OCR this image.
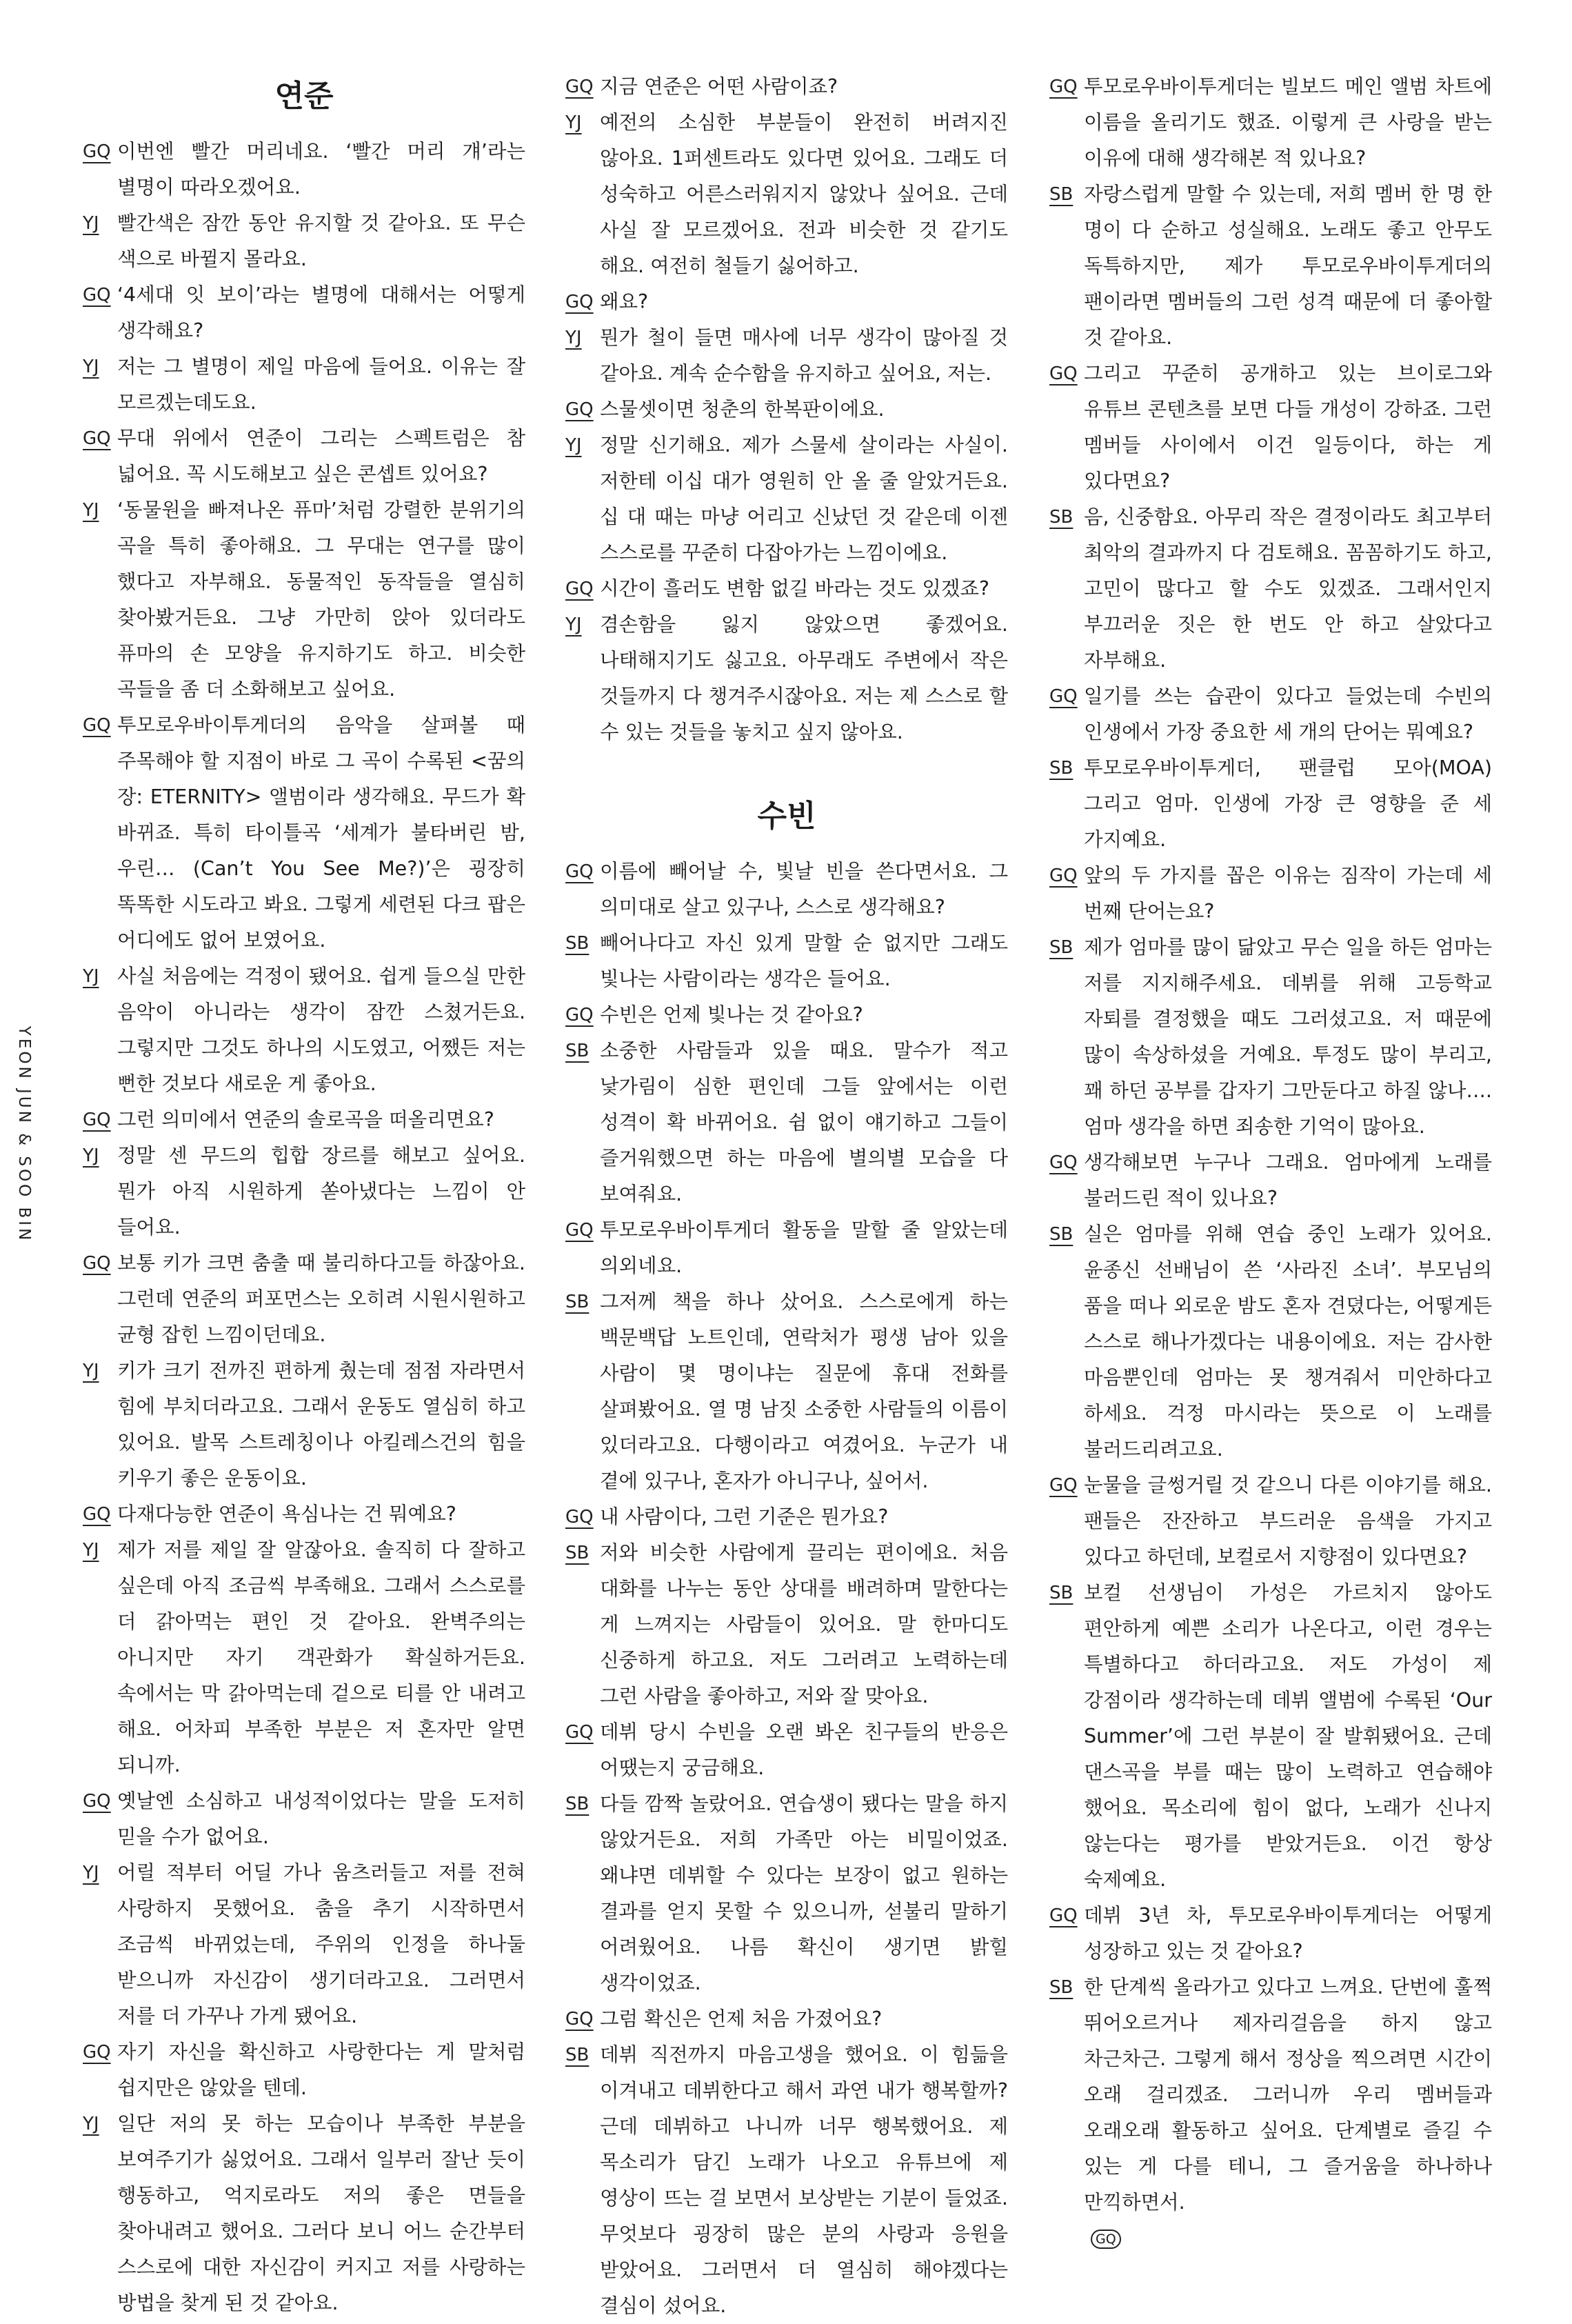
YEON JUN & SOO BIN
연준
GQ 이번엔 빨간 머리네요. ‘빨간 머리 걔’라는 별명이 따라오겠어요.
YJ 빨간색은 잠깐 동안 유지할 것 같아요. 또 무슨 색으로 바뀔지 몰라요.
GQ ‘4세대 잇 보이’라는 별명에 대해서는 어떻게 생각해요?
YJ 저는 그 별명이 제일 마음에 들어요. 이유는 잘 모르겠는데도요.
GQ 무대 위에서 연준이 그리는 스펙트럼은 참 넓어요. 꼭 시도해보고 싶은 콘셉트 있어요?
YJ ‘동물원을 빠져나온 퓨마’처럼 강렬한 분위기의 곡을 특히 좋아해요. 그 무대는 연구를 많이 했다고 자부해요. 동물적인 동작들을 열심히 찾아봤거든요. 그냥 가만히 앉아 있더라도 퓨마의 손 모양을 유지하기도 하고. 비슷한 곡들을 좀 더 소화해보고 싶어요.
GQ 투모로우바이투게더의 음악을 살펴볼 때 주목해야 할 지점이 바로 그 곡이 수록된 <꿈의 장: ETERNITY> 앨범이라 생각해요. 무드가 확 바뀌죠. 특히 타이틀곡 ‘세계가 불타버린 밤, 우린… (Can’t You See Me?)’은 굉장히 똑똑한 시도라고 봐요. 그렇게 세련된 다크 팝은 어디에도 없어 보였어요.
YJ 사실 처음에는 걱정이 됐어요. 쉽게 들으실 만한 음악이 아니라는 생각이 잠깐 스쳤거든요. 그렇지만 그것도 하나의 시도였고, 어쨌든 저는 뻔한 것보다 새로운 게 좋아요.
GQ 그런 의미에서 연준의 솔로곡을 떠올리면요?
YJ 정말 센 무드의 힙합 장르를 해보고 싶어요. 뭔가 아직 시원하게 쏟아냈다는 느낌이 안 들어요.
GQ 보통 키가 크면 춤출 때 불리하다고들 하잖아요. 그런데 연준의 퍼포먼스는 오히려 시원시원하고 균형 잡힌 느낌이던데요.
YJ 키가 크기 전까진 편하게 췄는데 점점 자라면서 힘에 부치더라고요. 그래서 운동도 열심히 하고 있어요. 발목 스트레칭이나 아킬레스건의 힘을 키우기 좋은 운동이요.
GQ 다재다능한 연준이 욕심나는 건 뭐예요?
YJ 제가 저를 제일 잘 알잖아요. 솔직히 다 잘하고 싶은데 아직 조금씩 부족해요. 그래서 스스로를 더 갉아먹는 편인 것 같아요. 완벽주의는 아니지만 자기 객관화가 확실하거든요. 속에서는 막 갉아먹는데 겉으로 티를 안 내려고 해요. 어차피 부족한 부분은 저 혼자만 알면 되니까.
GQ 옛날엔 소심하고 내성적이었다는 말을 도저히 믿을 수가 없어요.
YJ 어릴 적부터 어딜 가나 움츠러들고 저를 전혀 사랑하지 못했어요. 춤을 추기 시작하면서 조금씩 바뀌었는데, 주위의 인정을 하나둘 받으니까 자신감이 생기더라고요. 그러면서 저를 더 가꾸나 가게 됐어요.
GQ 자기 자신을 확신하고 사랑한다는 게 말처럼 쉽지만은 않았을 텐데.
YJ 일단 저의 못 하는 모습이나 부족한 부분을 보여주기가 싫었어요. 그래서 일부러 잘난 듯이 행동하고, 억지로라도 저의 좋은 면들을 찾아내려고 했어요. 그러다 보니 어느 순간부터 스스로에 대한 자신감이 커지고 저를 사랑하는 방법을 찾게 된 것 같아요.
GQ 지금 연준은 어떤 사람이죠?
YJ 예전의 소심한 부분들이 완전히 버려지진 않아요. 1퍼센트라도 있다면 있어요. 그래도 더 성숙하고 어른스러워지지 않았나 싶어요. 근데 사실 잘 모르겠어요. 전과 비슷한 것 같기도 해요. 여전히 철들기 싫어하고.
GQ 왜요?
YJ 뭔가 철이 들면 매사에 너무 생각이 많아질 것 같아요. 계속 순수함을 유지하고 싶어요, 저는.
GQ 스물셋이면 청춘의 한복판이에요.
YJ 정말 신기해요. 제가 스물세 살이라는 사실이. 저한테 이십 대가 영원히 안 올 줄 알았거든요. 십 대 때는 마냥 어리고 신났던 것 같은데 이젠 스스로를 꾸준히 다잡아가는 느낌이에요.
GQ 시간이 흘러도 변함 없길 바라는 것도 있겠죠?
YJ 겸손함을 잃지 않았으면 좋겠어요. 나태해지기도 싫고요. 아무래도 주변에서 작은 것들까지 다 챙겨주시잖아요. 저는 제 스스로 할 수 있는 것들을 놓치고 싶지 않아요.
수빈
GQ 이름에 빼어날 수, 빛날 빈을 쓴다면서요. 그 의미대로 살고 있구나, 스스로 생각해요?
SB 빼어나다고 자신 있게 말할 순 없지만 그래도 빛나는 사람이라는 생각은 들어요.
GQ 수빈은 언제 빛나는 것 같아요?
SB 소중한 사람들과 있을 때요. 말수가 적고 낯가림이 심한 편인데 그들 앞에서는 이런 성격이 확 바뀌어요. 쉼 없이 얘기하고 그들이 즐거워했으면 하는 마음에 별의별 모습을 다 보여줘요.
GQ 투모로우바이투게더 활동을 말할 줄 알았는데 의외네요.
SB 그저께 책을 하나 샀어요. 스스로에게 하는 백문백답 노트인데, 연락처가 평생 남아 있을 사람이 몇 명이냐는 질문에 휴대 전화를 살펴봤어요. 열 명 남짓 소중한 사람들의 이름이 있더라고요. 다행이라고 여겼어요. 누군가 내 곁에 있구나, 혼자가 아니구나, 싶어서.
GQ 내 사람이다, 그런 기준은 뭔가요?
SB 저와 비슷한 사람에게 끌리는 편이에요. 처음 대화를 나누는 동안 상대를 배려하며 말한다는 게 느껴지는 사람들이 있어요. 말 한마디도 신중하게 하고요. 저도 그러려고 노력하는데 그런 사람을 좋아하고, 저와 잘 맞아요.
GQ 데뷔 당시 수빈을 오랜 봐온 친구들의 반응은 어땠는지 궁금해요.
SB 다들 깜짝 놀랐어요. 연습생이 됐다는 말을 하지 않았거든요. 저희 가족만 아는 비밀이었죠. 왜냐면 데뷔할 수 있다는 보장이 없고 원하는 결과를 얻지 못할 수 있으니까, 섣불리 말하기 어려웠어요. 나름 확신이 생기면 밝힐 생각이었죠.
GQ 그럼 확신은 언제 처음 가졌어요?
SB 데뷔 직전까지 마음고생을 했어요. 이 힘듦을 이겨내고 데뷔한다고 해서 과연 내가 행복할까? 근데 데뷔하고 나니까 너무 행복했어요. 제 목소리가 담긴 노래가 나오고 유튜브에 제 영상이 뜨는 걸 보면서 보상받는 기분이 들었죠. 무엇보다 굉장히 많은 분의 사랑과 응원을 받았어요. 그러면서 더 열심히 해야겠다는 결심이 섰어요.
GQ 투모로우바이투게더는 빌보드 메인 앨범 차트에 이름을 올리기도 했죠. 이렇게 큰 사랑을 받는 이유에 대해 생각해본 적 있나요?
SB 자랑스럽게 말할 수 있는데, 저희 멤버 한 명 한 명이 다 순하고 성실해요. 노래도 좋고 안무도 독특하지만, 제가 투모로우바이투게더의 팬이라면 멤버들의 그런 성격 때문에 더 좋아할 것 같아요.
GQ 그리고 꾸준히 공개하고 있는 브이로그와 유튜브 콘텐츠를 보면 다들 개성이 강하죠. 그런 멤버들 사이에서 이건 일등이다, 하는 게 있다면요?
SB 음, 신중함요. 아무리 작은 결정이라도 최고부터 최악의 결과까지 다 검토해요. 꼼꼼하기도 하고, 고민이 많다고 할 수도 있겠죠. 그래서인지 부끄러운 짓은 한 번도 안 하고 살았다고 자부해요.
GQ 일기를 쓰는 습관이 있다고 들었는데 수빈의 인생에서 가장 중요한 세 개의 단어는 뭐예요?
SB 투모로우바이투게더, 팬클럽 모아(MOA) 그리고 엄마. 인생에 가장 큰 영향을 준 세 가지예요.
GQ 앞의 두 가지를 꼽은 이유는 짐작이 가는데 세 번째 단어는요?
SB 제가 엄마를 많이 닮았고 무슨 일을 하든 엄마는 저를 지지해주세요. 데뷔를 위해 고등학교 자퇴를 결정했을 때도 그러셨고요. 저 때문에 많이 속상하셨을 거예요. 투정도 많이 부리고, 꽤 하던 공부를 갑자기 그만둔다고 하질 않나…. 엄마 생각을 하면 죄송한 기억이 많아요.
GQ 생각해보면 누구나 그래요. 엄마에게 노래를 불러드린 적이 있나요?
SB 실은 엄마를 위해 연습 중인 노래가 있어요. 윤종신 선배님이 쓴 ‘사라진 소녀’. 부모님의 품을 떠나 외로운 밤도 혼자 견뎠다는, 어떻게든 스스로 해나가겠다는 내용이에요. 저는 감사한 마음뿐인데 엄마는 못 챙겨줘서 미안하다고 하세요. 걱정 마시라는 뜻으로 이 노래를 불러드리려고요.
GQ 눈물을 글썽거릴 것 같으니 다른 이야기를 해요. 팬들은 잔잔하고 부드러운 음색을 가지고 있다고 하던데, 보컬로서 지향점이 있다면요?
SB 보컬 선생님이 가성은 가르치지 않아도 편안하게 예쁜 소리가 나온다고, 이런 경우는 특별하다고 하더라고요. 저도 가성이 제 강점이라 생각하는데 데뷔 앨범에 수록된 ‘Our Summer’에 그런 부분이 잘 발휘됐어요. 근데 댄스곡을 부를 때는 많이 노력하고 연습해야 했어요. 목소리에 힘이 없다, 노래가 신나지 않는다는 평가를 받았거든요. 이건 항상 숙제예요.
GQ 데뷔 3년 차, 투모로우바이투게더는 어떻게 성장하고 있는 것 같아요?
SB 한 단계씩 올라가고 있다고 느껴요. 단번에 훌쩍 뛰어오르거나 제자리걸음을 하지 않고 차근차근. 그렇게 해서 정상을 찍으려면 시간이 오래 걸리겠죠. 그러니까 우리 멤버들과 오래오래 활동하고 싶어요. 단계별로 즐길 수 있는 게 다를 테니, 그 즐거움을 하나하나 만끽하면서.
GQ
